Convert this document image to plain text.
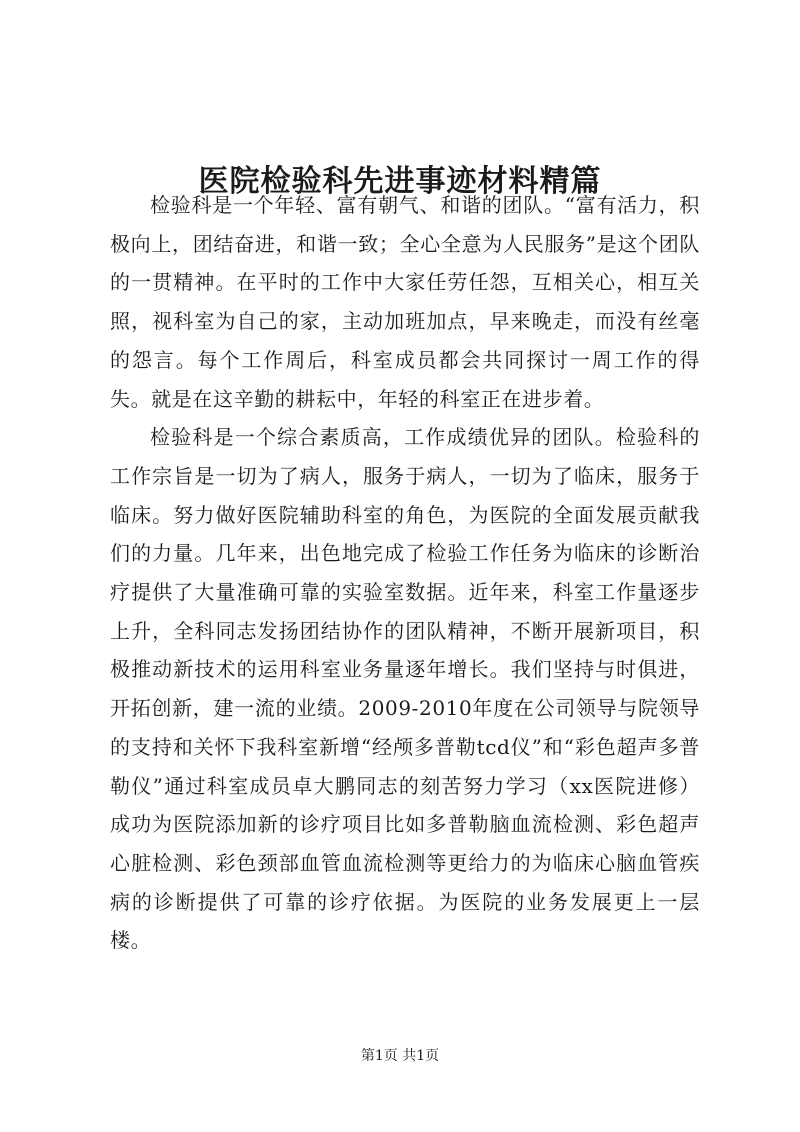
医院检验科先进事迹材料精篇

检验科是一个年轻、富有朝气、和谐的团队。“富有活力，积极向上，团结奋进，和谐一致；全心全意为人民服务”是这个团队的一贯精神。在平时的工作中大家任劳任怨，互相关心，相互关照，视科室为自己的家，主动加班加点，早来晚走，而没有丝毫的怨言。每个工作周后，科室成员都会共同探讨一周工作的得失。就是在这辛勤的耕耘中，年轻的科室正在进步着。

检验科是一个综合素质高，工作成绩优异的团队。检验科的工作宗旨是一切为了病人，服务于病人，一切为了临床，服务于临床。努力做好医院辅助科室的角色，为医院的全面发展贡献我们的力量。几年来，出色地完成了检验工作任务为临床的诊断治疗提供了大量准确可靠的实验室数据。近年来，科室工作量逐步上升，全科同志发扬团结协作的团队精神，不断开展新项目，积极推动新技术的运用科室业务量逐年增长。我们坚持与时俱进，开拓创新，建一流的业绩。2009-2010年度在公司领导与院领导的支持和关怀下我科室新增“经颅多普勒tcd仪”和“彩色超声多普勒仪”通过科室成员卓大鹏同志的刻苦努力学习（xx医院进修）成功为医院添加新的诊疗项目比如多普勒脑血流检测、彩色超声心脏检测、彩色颈部血管血流检测等更给力的为临床心脑血管疾病的诊断提供了可靠的诊疗依据。为医院的业务发展更上一层楼。

第1页 共1页
